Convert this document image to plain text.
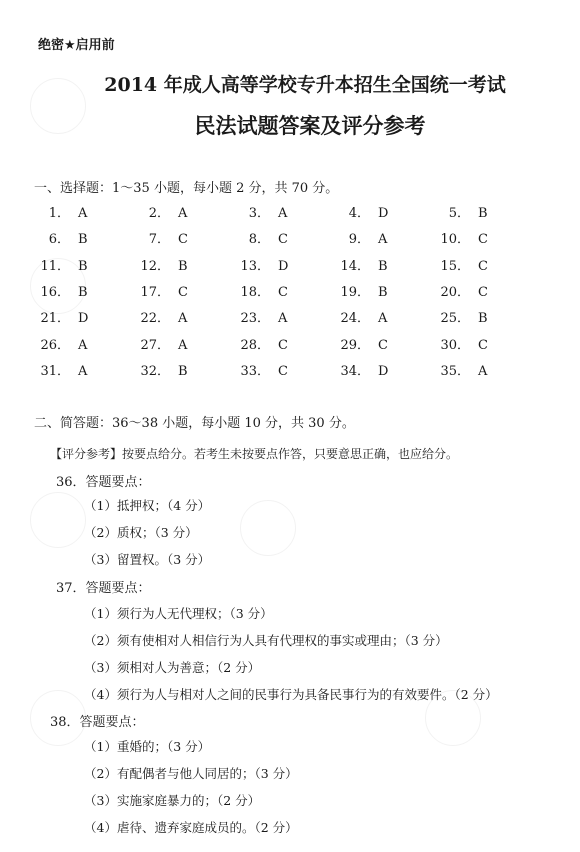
绝密★启用前
2014 年成人高等学校专升本招生全国统一考试
民法试题答案及评分参考
一、选择题：1～35 小题，每小题 2 分，共 70 分。
1． A	2． A	3． A	4． D	5． B
6． B	7． C	8． C	9． A	10． C
11． B	12． B	13． D	14． B	15． C
16． B	17． C	18． C	19． B	20． C
21． D	22． A	23． A	24． A	25． B
26． A	27． A	28． C	29． C	30． C
31． A	32． B	33． C	34． D	35． A
二、简答题：36～38 小题，每小题 10 分，共 30 分。
【评分参考】按要点给分。若考生未按要点作答，只要意思正确，也应给分。
36．答题要点：
（1）抵押权；（4 分）
（2）质权；（3 分）
（3）留置权。（3 分）
37．答题要点：
（1）须行为人无代理权；（3 分）
（2）须有使相对人相信行为人具有代理权的事实或理由；（3 分）
（3）须相对人为善意；（2 分）
（4）须行为人与相对人之间的民事行为具备民事行为的有效要件。（2 分）
38．答题要点：
（1）重婚的；（3 分）
（2）有配偶者与他人同居的；（3 分）
（3）实施家庭暴力的；（2 分）
（4）虐待、遗弃家庭成员的。（2 分）
